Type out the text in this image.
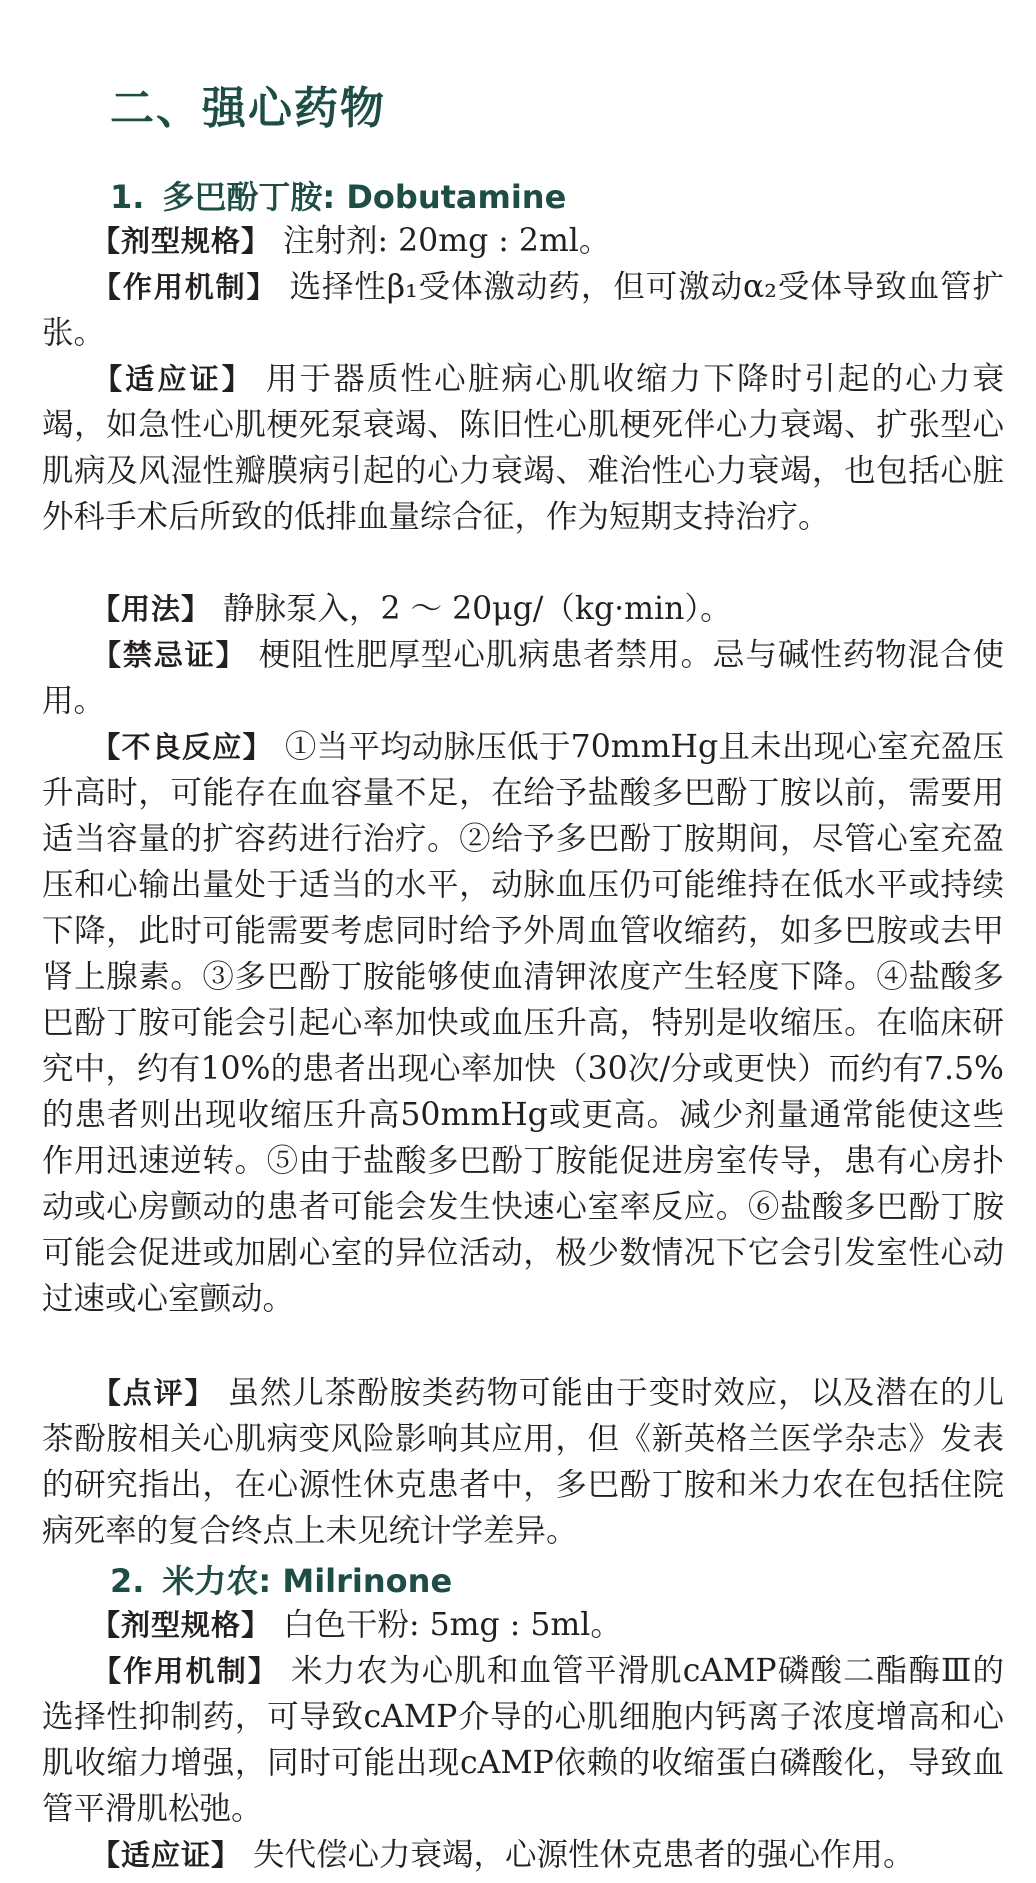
二、强心药物
1. 多巴酚丁胺: Dobutamine

【剂型规格】 注射剂: 20mg : 2ml。

【作用机制】 选择性β₁受体激动药，但可激动α₂受体导致血管扩张。

【适应证】 用于器质性心脏病心肌收缩力下降时引起的心力衰竭，如急性心肌梗死泵衰竭、陈旧性心肌梗死伴心力衰竭、扩张型心肌病及风湿性瓣膜病引起的心力衰竭、难治性心力衰竭，也包括心脏外科手术后所致的低排血量综合征，作为短期支持治疗。

【用法】 静脉泵入，2 ～ 20μg/（kg·min）。

【禁忌证】 梗阻性肥厚型心肌病患者禁用。忌与碱性药物混合使用。

【不良反应】 ①当平均动脉压低于70mmHg且未出现心室充盈压升高时，可能存在血容量不足，在给予盐酸多巴酚丁胺以前，需要用适当容量的扩容药进行治疗。②给予多巴酚丁胺期间，尽管心室充盈压和心输出量处于适当的水平，动脉血压仍可能维持在低水平或持续下降，此时可能需要考虑同时给予外周血管收缩药，如多巴胺或去甲肾上腺素。③多巴酚丁胺能够使血清钾浓度产生轻度下降。④盐酸多巴酚丁胺可能会引起心率加快或血压升高，特别是收缩压。在临床研究中，约有10%的患者出现心率加快（30次/分或更快）而约有7.5%的患者则出现收缩压升高50mmHg或更高。减少剂量通常能使这些作用迅速逆转。⑤由于盐酸多巴酚丁胺能促进房室传导，患有心房扑动或心房颤动的患者可能会发生快速心室率反应。⑥盐酸多巴酚丁胺可能会促进或加剧心室的异位活动，极少数情况下它会引发室性心动过速或心室颤动。

【点评】 虽然儿茶酚胺类药物可能由于变时效应，以及潜在的儿茶酚胺相关心肌病变风险影响其应用，但《新英格兰医学杂志》发表的研究指出，在心源性休克患者中，多巴酚丁胺和米力农在包括住院病死率的复合终点上未见统计学差异。

2. 米力农: Milrinone

【剂型规格】 白色干粉: 5mg : 5ml。

【作用机制】 米力农为心肌和血管平滑肌cAMP磷酸二酯酶Ⅲ的选择性抑制药，可导致cAMP介导的心肌细胞内钙离子浓度增高和心肌收缩力增强，同时可能出现cAMP依赖的收缩蛋白磷酸化，导致血管平滑肌松弛。

【适应证】 失代偿心力衰竭，心源性休克患者的强心作用。
